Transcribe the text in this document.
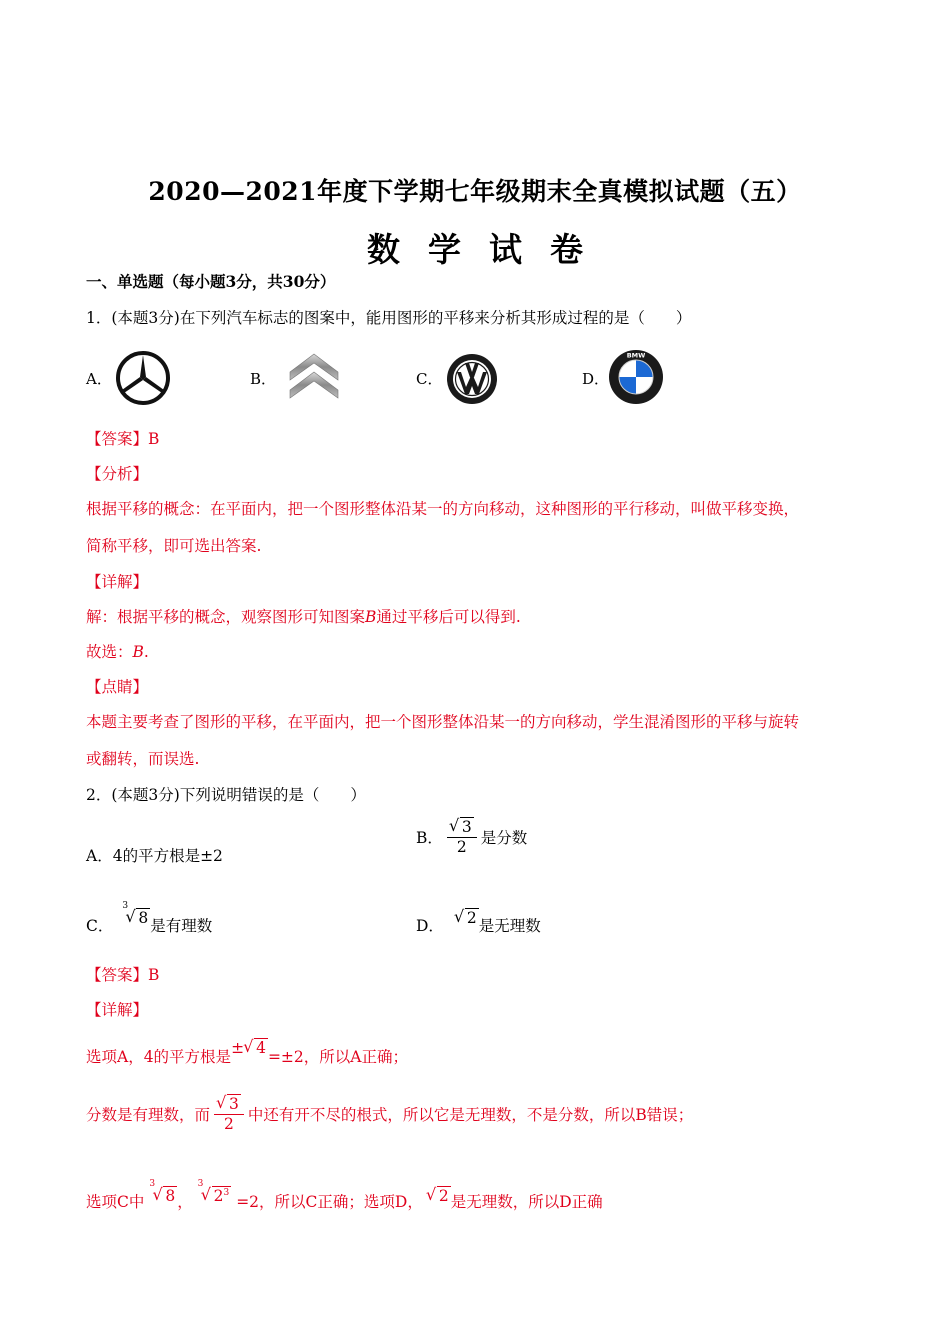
2020—2021年度下学期七年级期末全真模拟试题（五）
数学试卷
一、单选题（每小题3分，共30分）
1．(本题3分)在下列汽车标志的图案中，能用图形的平移来分析其形成过程的是（　　）
A．	B．	C．	D．
BMW
【答案】B
【分析】
根据平移的概念：在平面内，把一个图形整体沿某一的方向移动，这种图形的平行移动，叫做平移变换，
简称平移，即可选出答案.
【详解】
解：根据平移的概念，观察图形可知图案B通过平移后可以得到.
故选：B.
【点睛】
本题主要考查了图形的平移，在平面内，把一个图形整体沿某一的方向移动，学生混淆图形的平移与旋转
或翻转，而误选.
2．(本题3分)下列说明错误的是（　　）
A．4的平方根是±2
B． $\frac{√ 3}{2}$ 是分数
C．
3
√ 8 是有理数	D． √ 2 是无理数
【答案】B
【详解】
选项A，4的平方根是± √ 4 =±2，所以A正确；
分数是有理数，而 $\frac{√ 3}{2}$ 中还有开不尽的根式，所以它是无理数，不是分数，所以B错误；
选项C中
3
√ 8 ，
3
√ $2^3 =2$，所以C正确；选项D， √ 2 是无理数，所以D正确
